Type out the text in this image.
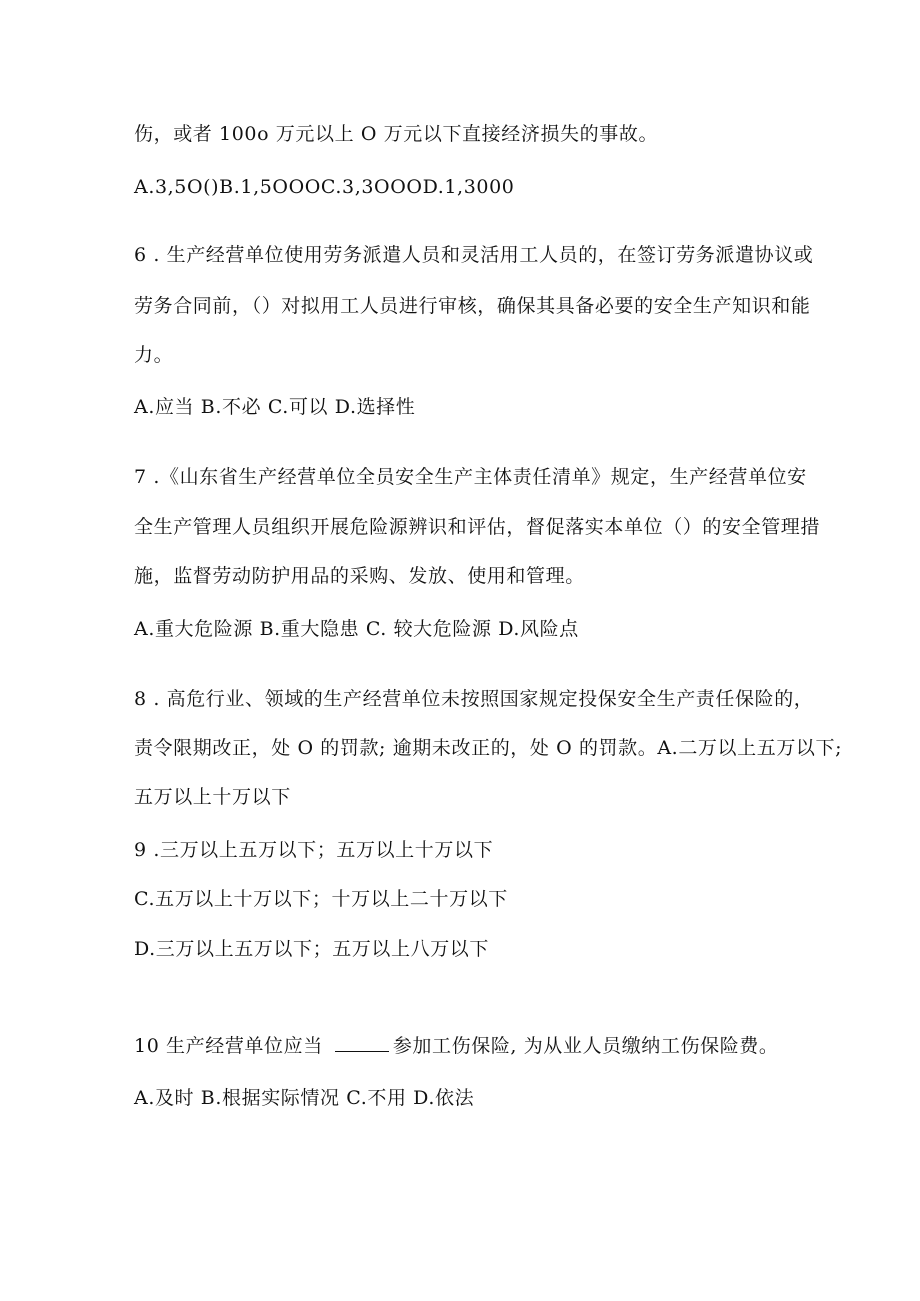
伤，或者 100o 万元以上 O 万元以下直接经济损失的事故。
A.3,5O()B.1,5OOOC.3,3OOOD.1,3000
6 . 生产经营单位使用劳务派遣人员和灵活用工人员的，在签订劳务派遣协议或
劳务合同前，（）对拟用工人员进行审核，确保其具备必要的安全生产知识和能
力。
A.应当 B.不必 C.可以 D.选择性
7 .《山东省生产经营单位全员安全生产主体责任清单》规定，生产经营单位安
全生产管理人员组织开展危险源辨识和评估，督促落实本单位（）的安全管理措
施，监督劳动防护用品的采购、发放、使用和管理。
A.重大危险源 B.重大隐患 C. 较大危险源 D.风险点
8 . 高危行业、领域的生产经营单位未按照国家规定投保安全生产责任保险的，
责令限期改正，处 O 的罚款; 逾期未改正的，处 O 的罚款。A.二万以上五万以下;
五万以上十万以下
9 .三万以上五万以下；五万以上十万以下
C.五万以上十万以下；十万以上二十万以下
D.三万以上五万以下；五万以上八万以下
10 生产经营单位应当	参加工伤保险, 为从业人员缴纳工伤保险费。
A.及时 B.根据实际情况 C.不用 D.依法
